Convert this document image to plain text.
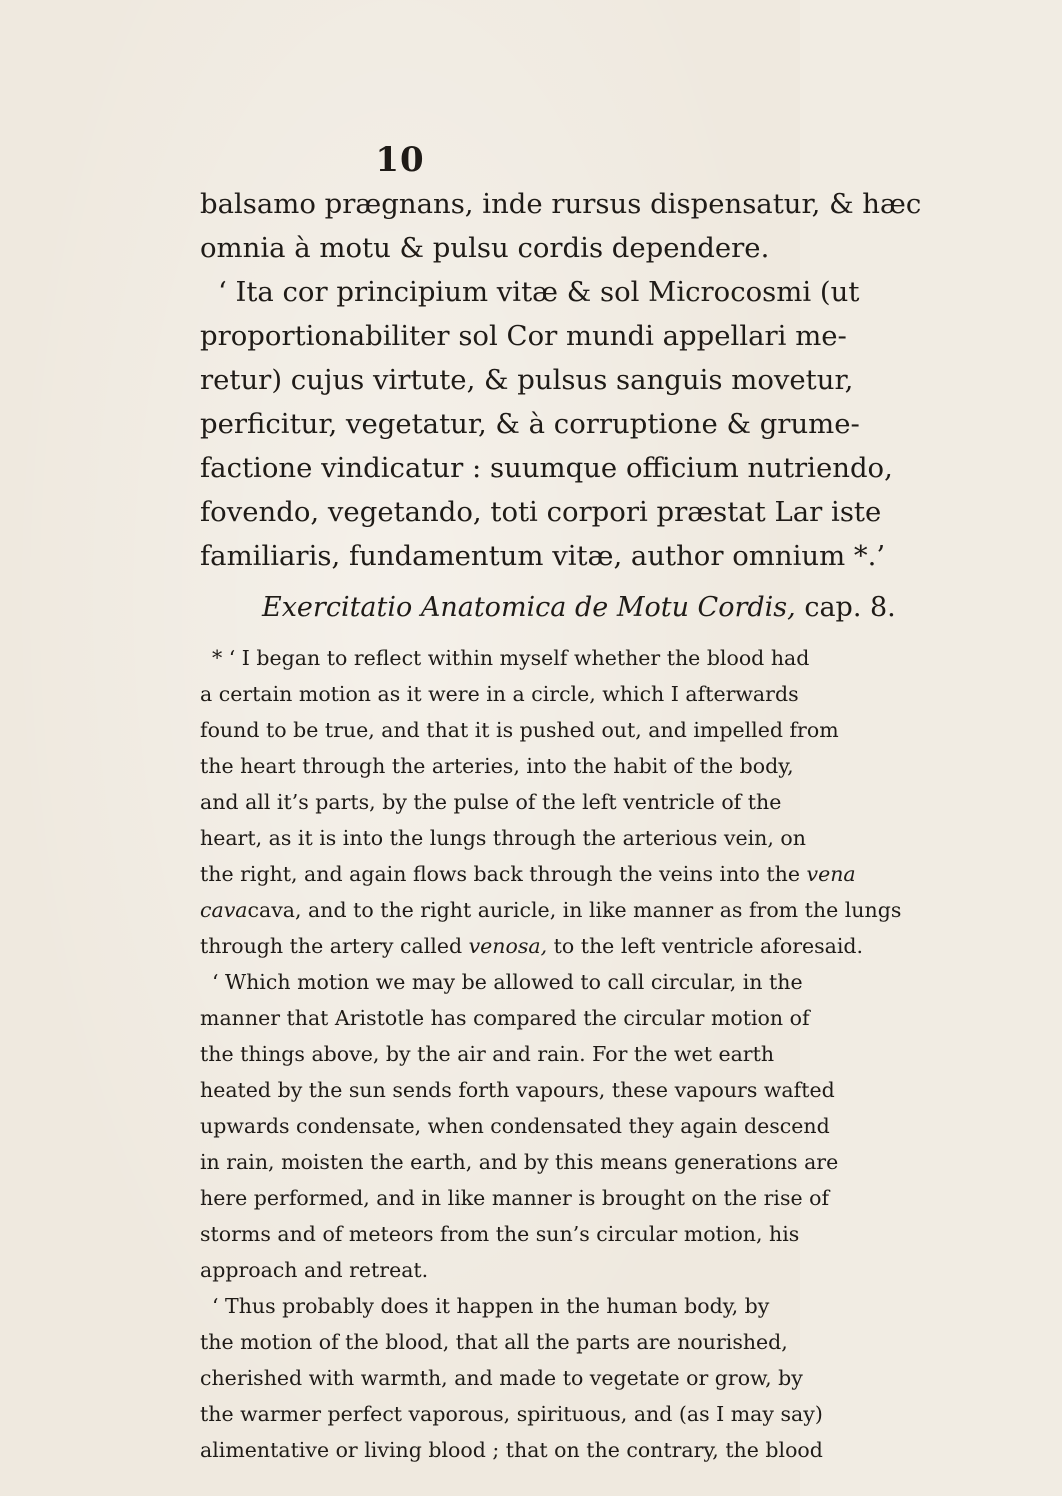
10
balsamo prægnans, inde rursus dispensatur, & hæc
omnia à motu & pulsu cordis dependere.
‘ Ita cor principium vitæ & sol Microcosmi (ut
proportionabiliter sol Cor mundi appellari me-
retur) cujus virtute, & pulsus sanguis movetur,
perficitur, vegetatur, & à corruptione & grume-
factione vindicatur : suumque officium nutriendo,
fovendo, vegetando, toti corpori præstat Lar iste
familiaris, fundamentum vitæ, author omnium *.’
Exercitatio Anatomica de Motu Cordis, cap. 8.
* ‘ I began to reflect within myself whether the blood had
a certain motion as it were in a circle, which I afterwards
found to be true, and that it is pushed out, and impelled from
the heart through the arteries, into the habit of the body,
and all it’s parts, by the pulse of the left ventricle of the
heart, as it is into the lungs through the arterious vein, on
the right, and again flows back through the veins into the vena
cavacava, and to the right auricle, in like manner as from the lungs
through the artery called venosa, to the left ventricle aforesaid.
‘ Which motion we may be allowed to call circular, in the
manner that Aristotle has compared the circular motion of
the things above, by the air and rain. For the wet earth
heated by the sun sends forth vapours, these vapours wafted
upwards condensate, when condensated they again descend
in rain, moisten the earth, and by this means generations are
here performed, and in like manner is brought on the rise of
storms and of meteors from the sun’s circular motion, his
approach and retreat.
‘ Thus probably does it happen in the human body, by
the motion of the blood, that all the parts are nourished,
cherished with warmth, and made to vegetate or grow, by
the warmer perfect vaporous, spirituous, and (as I may say)
alimentative or living blood ; that on the contrary, the blood
